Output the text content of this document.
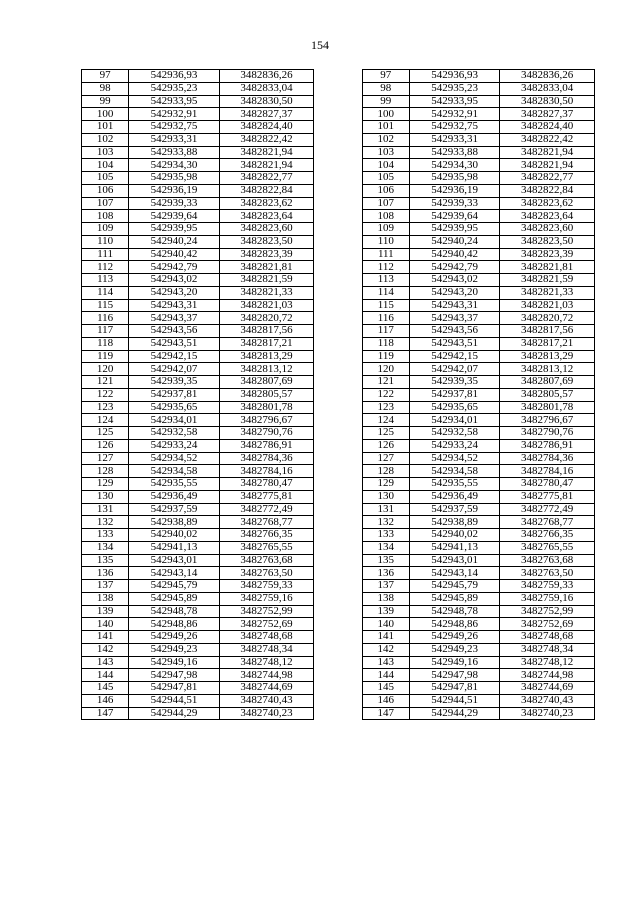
154
97	542936,93	3482836,26		97	542936,93	3482836,26
98	542935,23	3482833,04		98	542935,23	3482833,04
99	542933,95	3482830,50		99	542933,95	3482830,50
100	542932,91	3482827,37		100	542932,91	3482827,37
101	542932,75	3482824,40		101	542932,75	3482824,40
102	542933,31	3482822,42		102	542933,31	3482822,42
103	542933,88	3482821,94		103	542933,88	3482821,94
104	542934,30	3482821,94		104	542934,30	3482821,94
105	542935,98	3482822,77		105	542935,98	3482822,77
106	542936,19	3482822,84		106	542936,19	3482822,84
107	542939,33	3482823,62		107	542939,33	3482823,62
108	542939,64	3482823,64		108	542939,64	3482823,64
109	542939,95	3482823,60		109	542939,95	3482823,60
110	542940,24	3482823,50		110	542940,24	3482823,50
111	542940,42	3482823,39		111	542940,42	3482823,39
112	542942,79	3482821,81		112	542942,79	3482821,81
113	542943,02	3482821,59		113	542943,02	3482821,59
114	542943,20	3482821,33		114	542943,20	3482821,33
115	542943,31	3482821,03		115	542943,31	3482821,03
116	542943,37	3482820,72		116	542943,37	3482820,72
117	542943,56	3482817,56		117	542943,56	3482817,56
118	542943,51	3482817,21		118	542943,51	3482817,21
119	542942,15	3482813,29		119	542942,15	3482813,29
120	542942,07	3482813,12		120	542942,07	3482813,12
121	542939,35	3482807,69		121	542939,35	3482807,69
122	542937,81	3482805,57		122	542937,81	3482805,57
123	542935,65	3482801,78		123	542935,65	3482801,78
124	542934,01	3482796,67		124	542934,01	3482796,67
125	542932,58	3482790,76		125	542932,58	3482790,76
126	542933,24	3482786,91		126	542933,24	3482786,91
127	542934,52	3482784,36		127	542934,52	3482784,36
128	542934,58	3482784,16		128	542934,58	3482784,16
129	542935,55	3482780,47		129	542935,55	3482780,47
130	542936,49	3482775,81		130	542936,49	3482775,81
131	542937,59	3482772,49		131	542937,59	3482772,49
132	542938,89	3482768,77		132	542938,89	3482768,77
133	542940,02	3482766,35		133	542940,02	3482766,35
134	542941,13	3482765,55		134	542941,13	3482765,55
135	542943,01	3482763,68		135	542943,01	3482763,68
136	542943,14	3482763,50		136	542943,14	3482763,50
137	542945,79	3482759,33		137	542945,79	3482759,33
138	542945,89	3482759,16		138	542945,89	3482759,16
139	542948,78	3482752,99		139	542948,78	3482752,99
140	542948,86	3482752,69		140	542948,86	3482752,69
141	542949,26	3482748,68		141	542949,26	3482748,68
142	542949,23	3482748,34		142	542949,23	3482748,34
143	542949,16	3482748,12		143	542949,16	3482748,12
144	542947,98	3482744,98		144	542947,98	3482744,98
145	542947,81	3482744,69		145	542947,81	3482744,69
146	542944,51	3482740,43		146	542944,51	3482740,43
147	542944,29	3482740,23		147	542944,29	3482740,23
